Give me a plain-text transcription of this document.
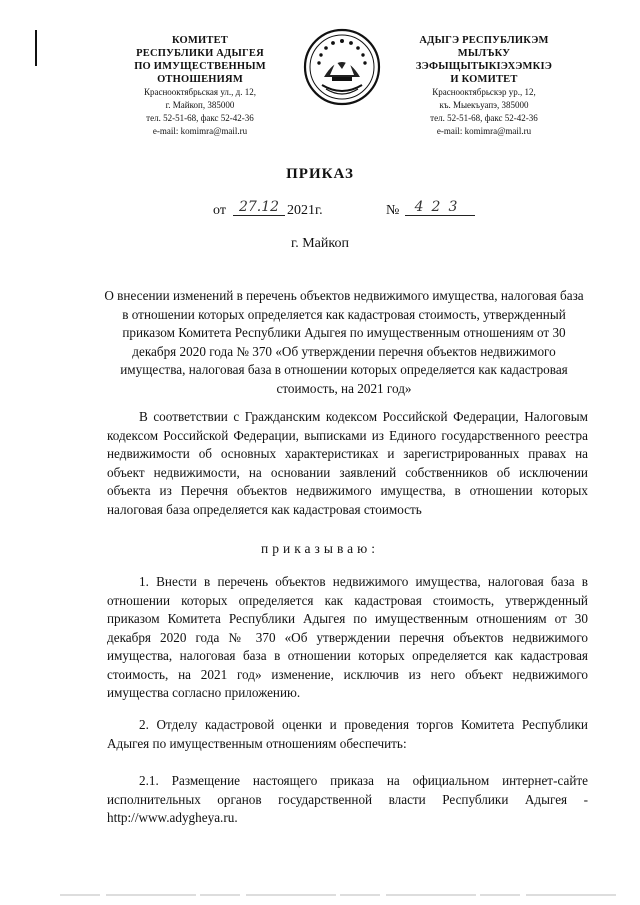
КОМИТЕТ
РЕСПУБЛИКИ АДЫГЕЯ
ПО ИМУЩЕСТВЕННЫМ ОТНОШЕНИЯМ
Краснооктябрьская ул., д. 12,
г. Майкоп, 385000
тел. 52-51-68, факс 52-42-36
e-mail: komimra@mail.ru
АДЫГЭ РЕСПУБЛИКЭМ
МЫЛЪКУ ЗЭФЫЩЫТЫКІЭХЭМКІЭ
И КОМИТЕТ
Краснооктябрьскэр ур., 12,
къ. Мыекъуапэ, 385000
тел. 52-51-68, факс 52-42-36
e-mail: komimra@mail.ru
ПРИКАЗ
от 27.12 2021г.	№	423
г. Майкоп
О внесении изменений в перечень объектов недвижимого имущества, налоговая база в отношении которых определяется как кадастровая стоимость, утвержденный приказом Комитета Республики Адыгея по имущественным отношениям от 30 декабря 2020 года № 370 «Об утверждении перечня объектов недвижимого имущества, налоговая база в отношении которых определяется как кадастровая стоимость, на 2021 год»
В соответствии с Гражданским кодексом Российской Федерации, Налоговым кодексом Российской Федерации, выписками из Единого государственного реестра недвижимости об основных характеристиках и зарегистрированных правах на объект недвижимости, на основании заявлений собственников об исключении объекта из Перечня объектов недвижимого имущества, в отношении которых налоговая база определяется как кадастровая стоимость
приказываю:
1. Внести в перечень объектов недвижимого имущества, налоговая база в отношении которых определяется как кадастровая стоимость, утвержденный приказом Комитета Республики Адыгея по имущественным отношениям от 30 декабря 2020 года № 370 «Об утверждении перечня объектов недвижимого имущества, налоговая база в отношении которых определяется как кадастровая стоимость, на 2021 год» изменение, исключив из него объект недвижимого имущества согласно приложению.
2. Отделу кадастровой оценки и проведения торгов Комитета Республики Адыгея по имущественным отношениям обеспечить:
2.1. Размещение настоящего приказа на официальном интернет-сайте исполнительных органов государственной власти Республики Адыгея - http://www.adygheya.ru.
